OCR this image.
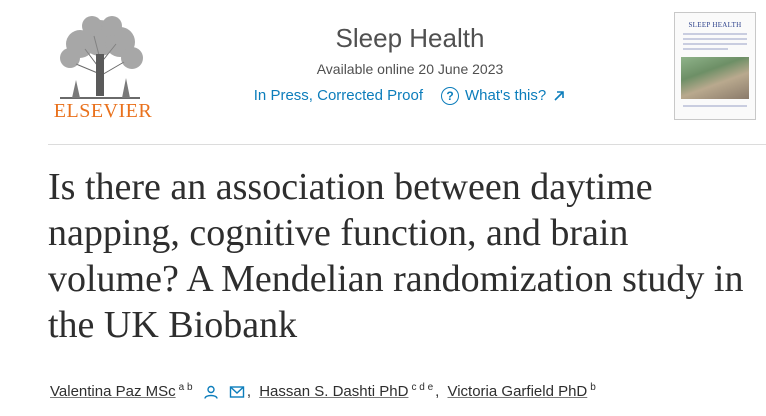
ELSEVIER
Sleep Health
Available online 20 June 2023
In Press, Corrected Proof	? What's this?
SLEEP HEALTH
Is there an association between daytime napping, cognitive function, and brain volume? A Mendelian randomization study in the UK Biobank
Valentina Paz MSc $^{a b}$	, Hassan S. Dashti PhD $^{c d e}$ , Victoria Garfield PhD $^b$
